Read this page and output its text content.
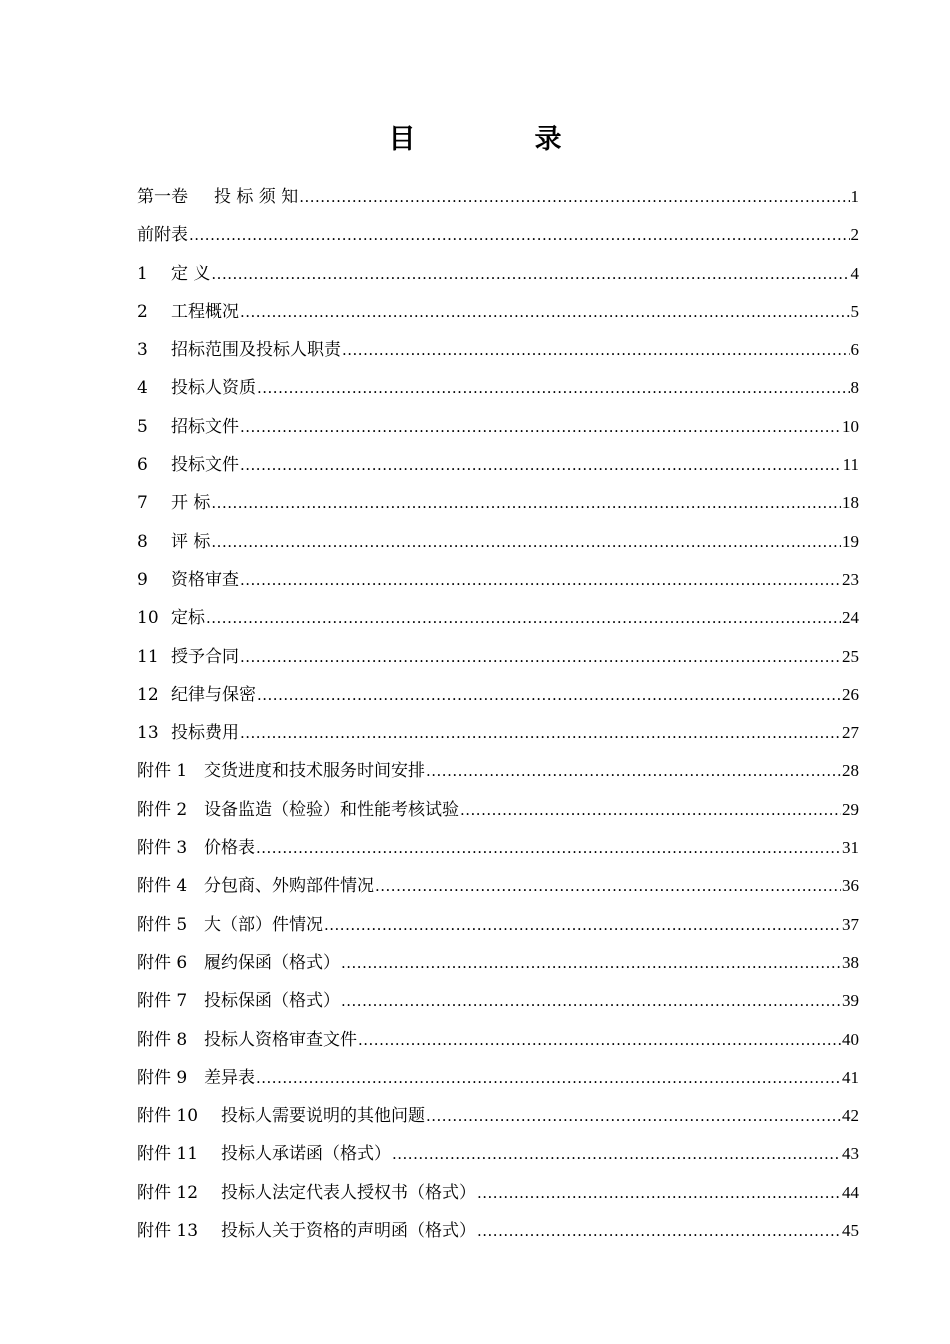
目　录
第一卷	投 标 须 知 .....	1
前附表 .....	2
1	定 义 .....	4
2	工程概况 .....	5
3	招标范围及投标人职责 .....	6
4	投标人资质 .....	8
5	招标文件 .....	10
6	投标文件 .....	11
7	开 标 .....	18
8	评 标 .....	19
9	资格审查 .....	23
10 定标 .....	24
11 授予合同 .....	25
12 纪律与保密 .....	26
13 投标费用 .....	27
附件 1 交货进度和技术服务时间安排 .....	28
附件 2 设备监造（检验）和性能考核试验 .....	29
附件 3 价格表 .....	31
附件 4 分包商、外购部件情况 .....	36
附件 5 大（部）件情况 .....	37
附件 6 履约保函（格式） .....	38
附件 7 投标保函（格式） .....	39
附件 8 投标人资格审查文件 .....	40
附件 9 差异表 .....	41
附件 10	投标人需要说明的其他问题 .....	42
附件 11	投标人承诺函（格式） .....	43
附件 12	投标人法定代表人授权书（格式） .....	44
附件 13	投标人关于资格的声明函（格式） .....	45
